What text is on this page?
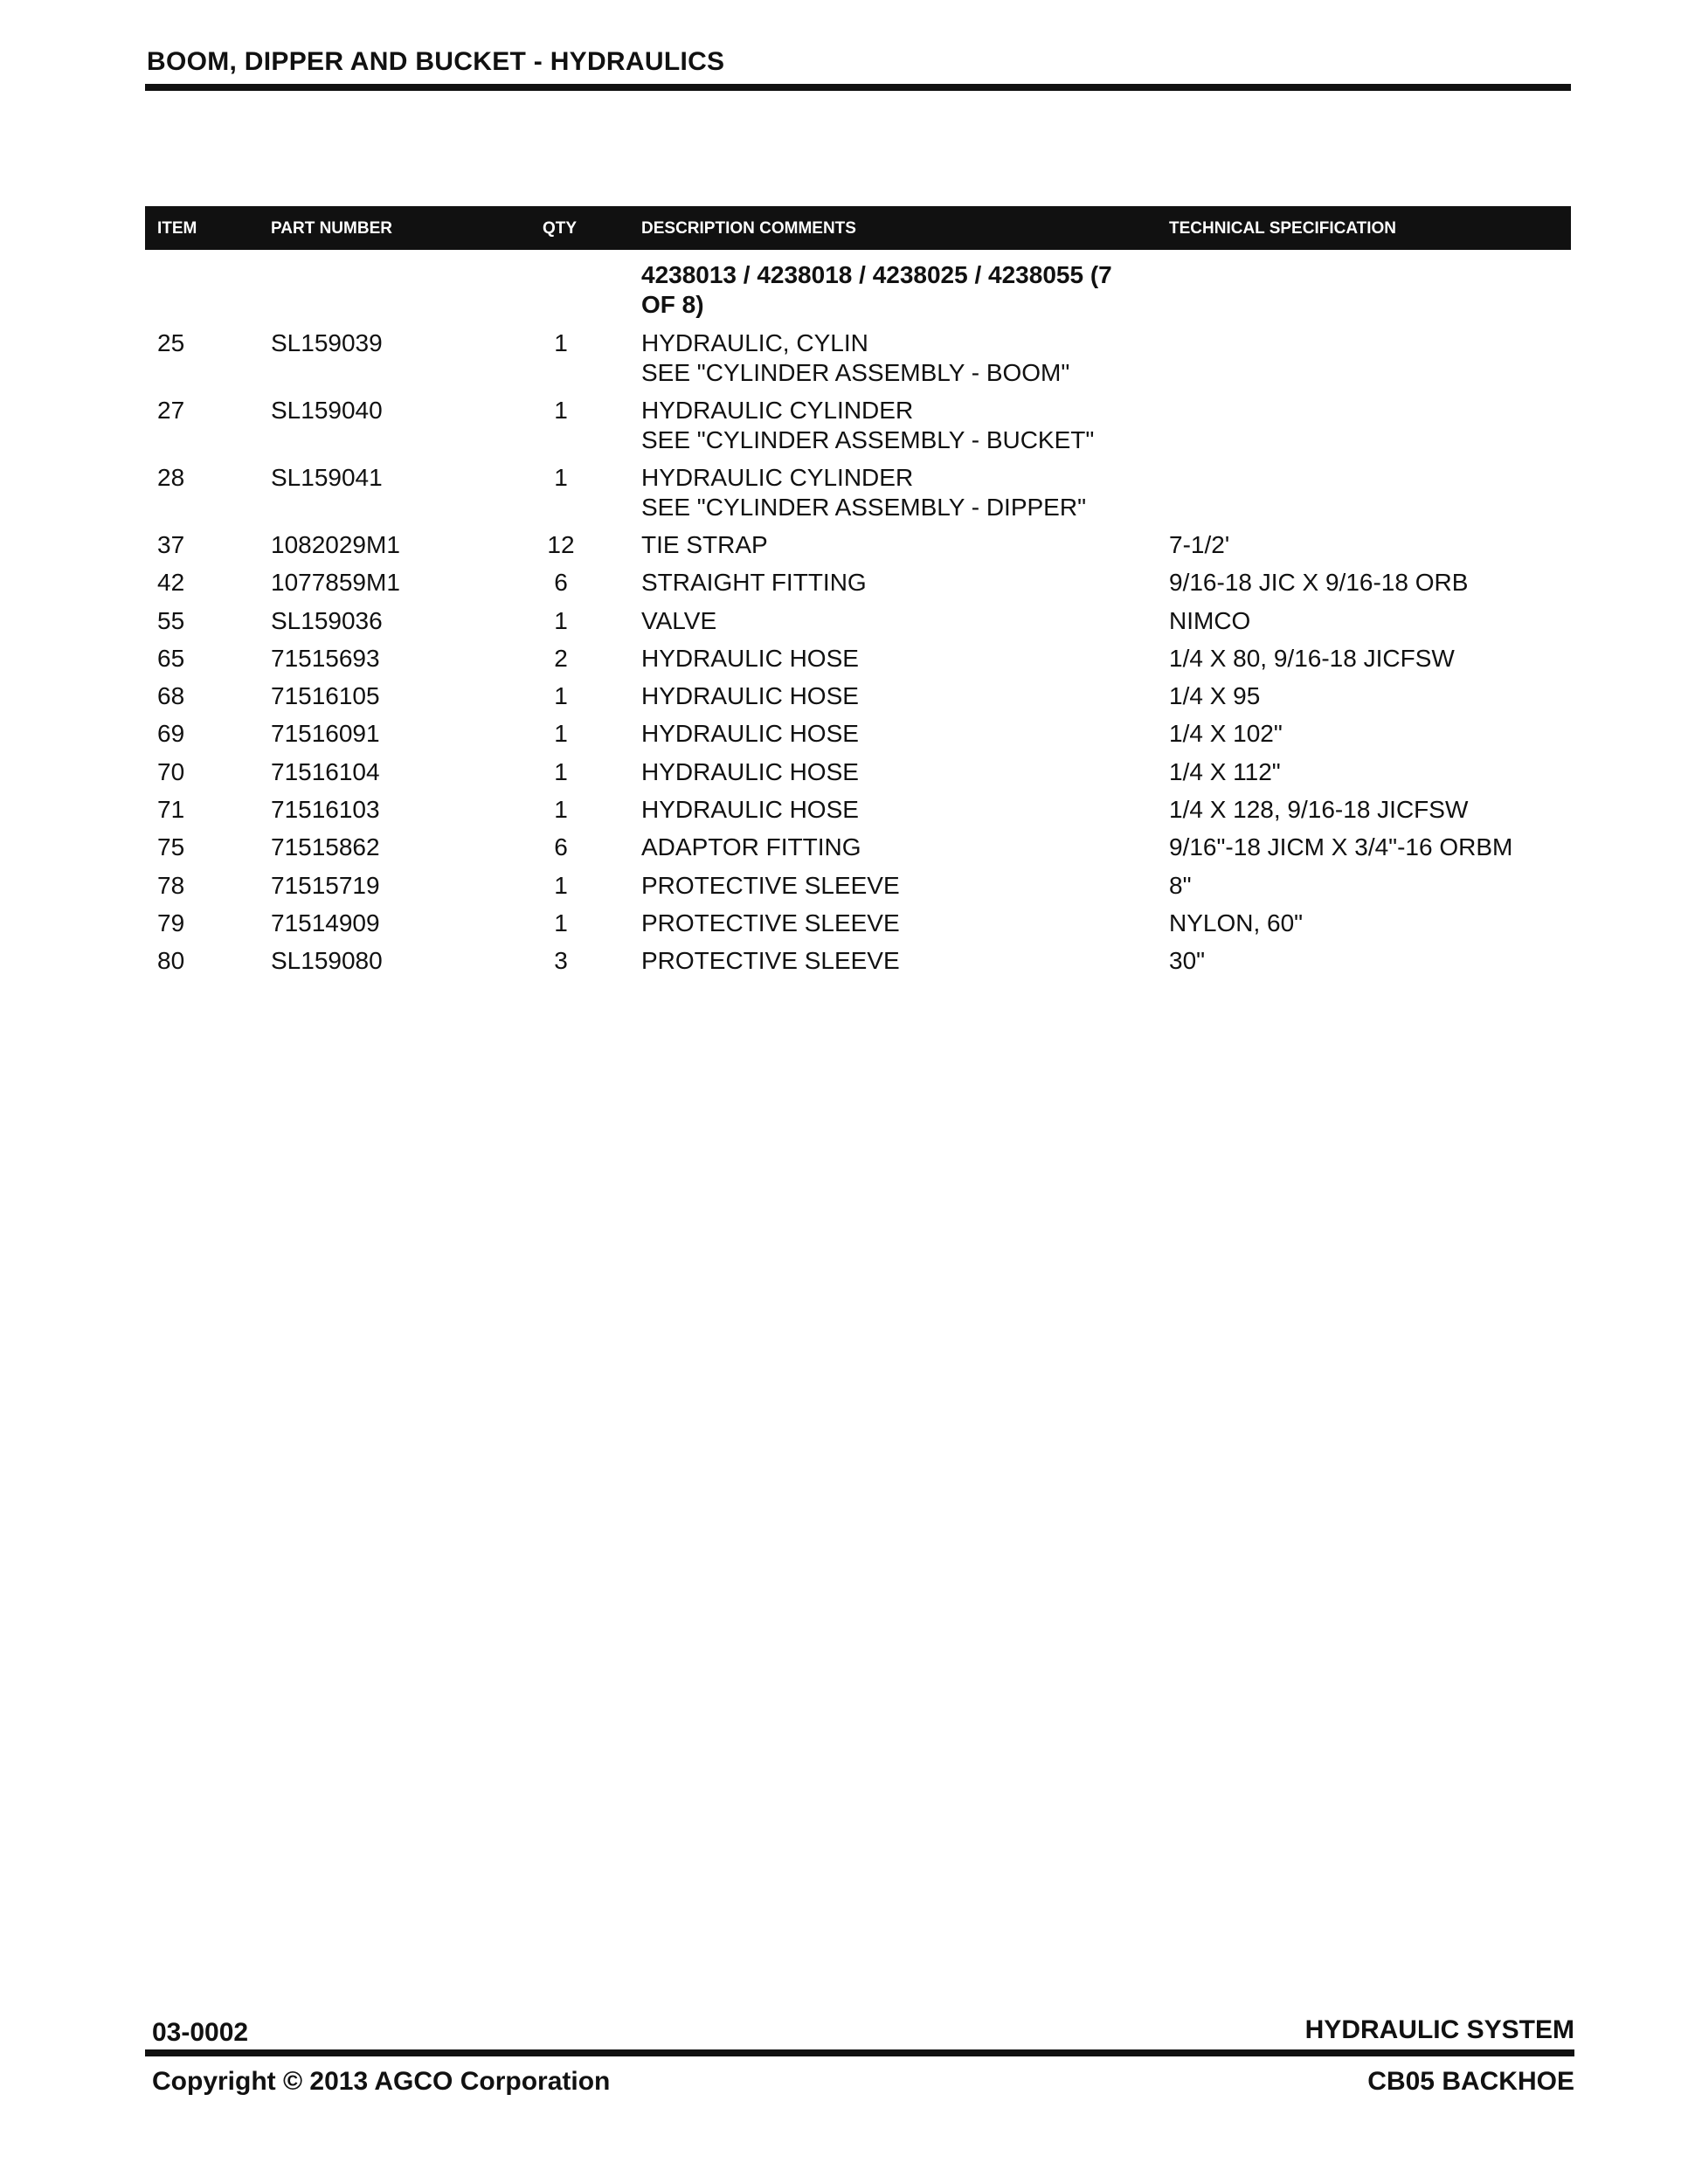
BOOM, DIPPER AND BUCKET - HYDRAULICS
ITEM	PART NUMBER	QTY	DESCRIPTION COMMENTS	TECHNICAL SPECIFICATION
4238013 / 4238018 / 4238025 / 4238055 (7 OF 8)
25	SL159039	1	HYDRAULIC, CYLIN
SEE "CYLINDER ASSEMBLY - BOOM"
27	SL159040	1	HYDRAULIC CYLINDER
SEE "CYLINDER ASSEMBLY - BUCKET"
28	SL159041	1	HYDRAULIC CYLINDER
SEE "CYLINDER ASSEMBLY - DIPPER"
37	1082029M1	12	TIE STRAP	7-1/2'
42	1077859M1	6	STRAIGHT FITTING	9/16-18 JIC X 9/16-18 ORB
55	SL159036	1	VALVE	NIMCO
65	71515693	2	HYDRAULIC HOSE	1/4 X 80, 9/16-18 JICFSW
68	71516105	1	HYDRAULIC HOSE	1/4 X 95
69	71516091	1	HYDRAULIC HOSE	1/4 X 102"
70	71516104	1	HYDRAULIC HOSE	1/4 X 112"
71	71516103	1	HYDRAULIC HOSE	1/4 X 128, 9/16-18 JICFSW
75	71515862	6	ADAPTOR FITTING	9/16"-18 JICM X 3/4"-16 ORBM
78	71515719	1	PROTECTIVE SLEEVE	8"
79	71514909	1	PROTECTIVE SLEEVE	NYLON, 60"
80	SL159080	3	PROTECTIVE SLEEVE	30"
03-0002	HYDRAULIC SYSTEM
Copyright © 2013 AGCO Corporation	CB05 BACKHOE
